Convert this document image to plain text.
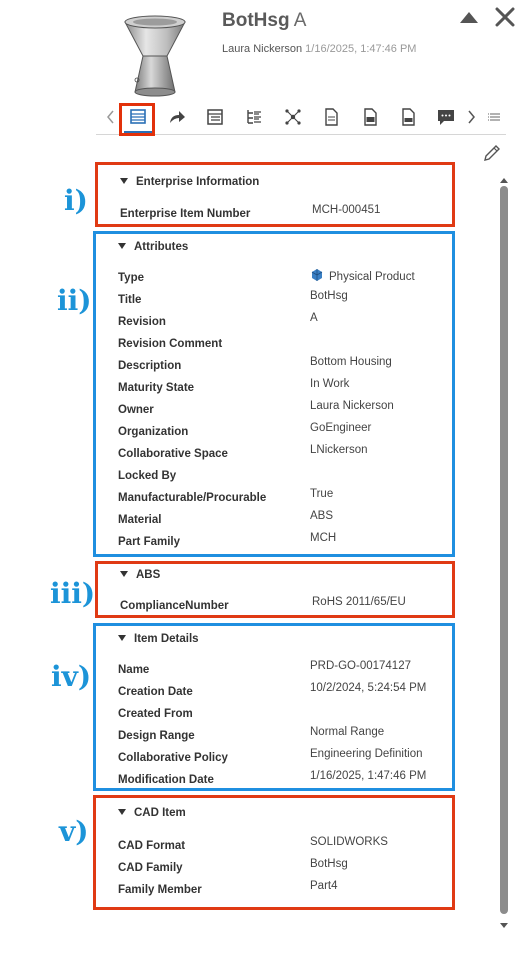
BotHsg A
Laura Nickerson 1/16/2025, 1:47:46 PM
i)
ii)
iii)
iv)
v)
Enterprise Information
Enterprise Item Number	MCH-000451
Attributes
Type	Physical Product
Title	BotHsg
Revision	A
Revision Comment
Description	Bottom Housing
Maturity State	In Work
Owner	Laura Nickerson
Organization	GoEngineer
Collaborative Space	LNickerson
Locked By
Manufacturable/Procurable	True
Material	ABS
Part Family	MCH
ABS
ComplianceNumber	RoHS 2011/65/EU
Item Details
Name	PRD-GO-00174127
Creation Date	10/2/2024, 5:24:54 PM
Created From
Design Range	Normal Range
Collaborative Policy	Engineering Definition
Modification Date	1/16/2025, 1:47:46 PM
CAD Item
CAD Format	SOLIDWORKS
CAD Family	BotHsg
Family Member	Part4
